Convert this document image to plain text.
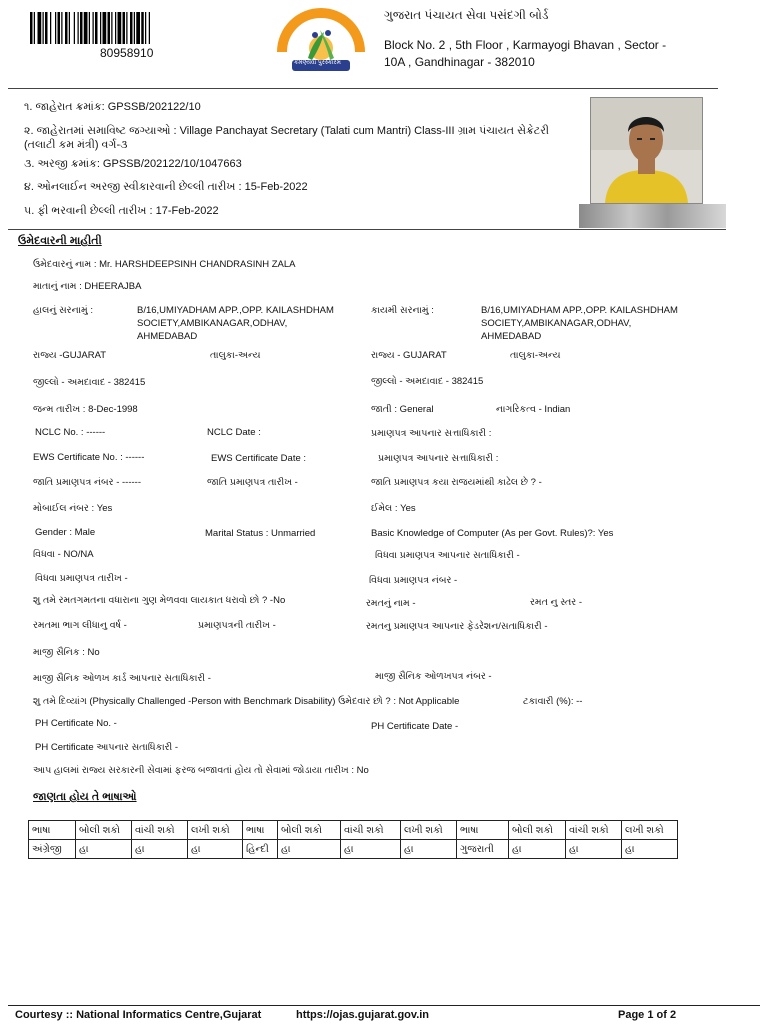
80958910
કર્મણ્યેવા પુરસ્કારમ
ગુજરાત પંચાયત સેવા પસંદગી બોર્ડ
Block No. 2 , 5th Floor , Karmayogi Bhavan , Sector -
10A , Gandhinagar - 382010
૧. જાહેરાત ક્રમાંક: GPSSB/202122/10
૨. જાહેરાતમાં સમાવિષ્ટ જગ્યાઓ : Village Panchayat Secretary (Talati cum Mantri) Class-III ગ્રામ પંચાયત સેક્રેટરી
(તલાટી કમ મંત્રી) વર્ગ-૩
૩. અરજી ક્રમાંક: GPSSB/202122/10/1047663
૪. ઓનલાઈન અરજી સ્વીકારવાની છેલ્લી તારીખ : 15-Feb-2022
૫. ફી ભરવાની છેલ્લી તારીખ : 17-Feb-2022
ઉમેદવારની માહીતી
ઉમેદવારનું નામ : Mr. HARSHDEEPSINH CHANDRASINH ZALA
માતાનું નામ : DHEERAJBA
હાલનું સરનામું :	B/16,UMIYADHAM APP.,OPP. KAILASHDHAM
SOCIETY,AMBIKANAGAR,ODHAV,
AHMEDABAD
કાયમી સરનામું :	B/16,UMIYADHAM APP.,OPP. KAILASHDHAM
SOCIETY,AMBIKANAGAR,ODHAV,
AHMEDABAD
રાજ્ય -GUJARAT	તાલુકા-અન્ય	રાજ્ય - GUJARAT	તાલુકા-અન્ય
જીલ્લો - અમદાવાદ - 382415	જીલ્લો - અમદાવાદ - 382415
જન્મ તારીખ : 8-Dec-1998	જાતી : General	નાગરિકત્વ - Indian
NCLC No. : ------	NCLC Date :	પ્રમાણપત્ર આપનાર સત્તાધિકારી :
EWS Certificate No. : ------	EWS Certificate Date :	પ્રમાણપત્ર આપનાર સત્તાધિકારી :
જાતિ પ્રમાણપત્ર નંબર - ------	જાતિ પ્રમાણપત્ર તારીખ -	જાતિ પ્રમાણપત્ર કયા રાજયમાંથી કાઢેલ છે ? -
મોબાઈલ નંબર : Yes	ઈમેલ : Yes
Gender : Male	Marital Status : Unmarried	Basic Knowledge of Computer (As per Govt. Rules)?: Yes
વિધવા - NO/NA	વિધવા પ્રમાણપત્ર આપનાર સતાધિકારી -
વિધવા પ્રમાણપત્ર તારીખ -	વિધવા પ્રમાણપત્ર નંબર -
શુ તમે રમતગમતના વધારાના ગુણ મેળવવા લાયકાત ધરાવો છો ? -No	રમતનું નામ -	રમત નુ સ્તર -
રમતમા ભાગ લીધાનુ વર્ષ -	પ્રમાણપત્રની તારીખ -	રમતનુ પ્રમાણપત્ર આપનાર ફેડરેશન/સતાધિકારી -
માજી સૈનિક : No
માજી સૈનિક ઓળખ કાર્ડ આપનાર સતાધિકારી -	માજી સૈનિક ઓળખપત્ર નંબર -
શુ તમે દિવ્યાંગ (Physically Challenged -Person with Benchmark Disability) ઉમેદવાર છો ? : Not Applicable	ટકાવારી (%): --
PH Certificate No. -	PH Certificate Date -
PH Certificate આપનાર સતાધિકારી -
આપ હાલમાં રાજ્ય સરકારની સેવામાં ફરજ બજાવતાં હોય તો સેવામાં જોડાયા તારીખ : No
જાણતા હોય તે ભાષાઓ
ભાષા	બોલી શકો	વાંચી શકો	લખી શકો	ભાષા	બોલી શકો	વાંચી શકો	લખી શકો	ભાષા	બોલી શકો	વાંચી શકો	લખી શકો
અંગ્રેજી	હા	હા	હા	હિન્દી	હા	હા	હા	ગુજરાતી	હા	હા	હા
Courtesy :: National Informatics Centre,Gujarat	https://ojas.gujarat.gov.in	Page 1 of 2
